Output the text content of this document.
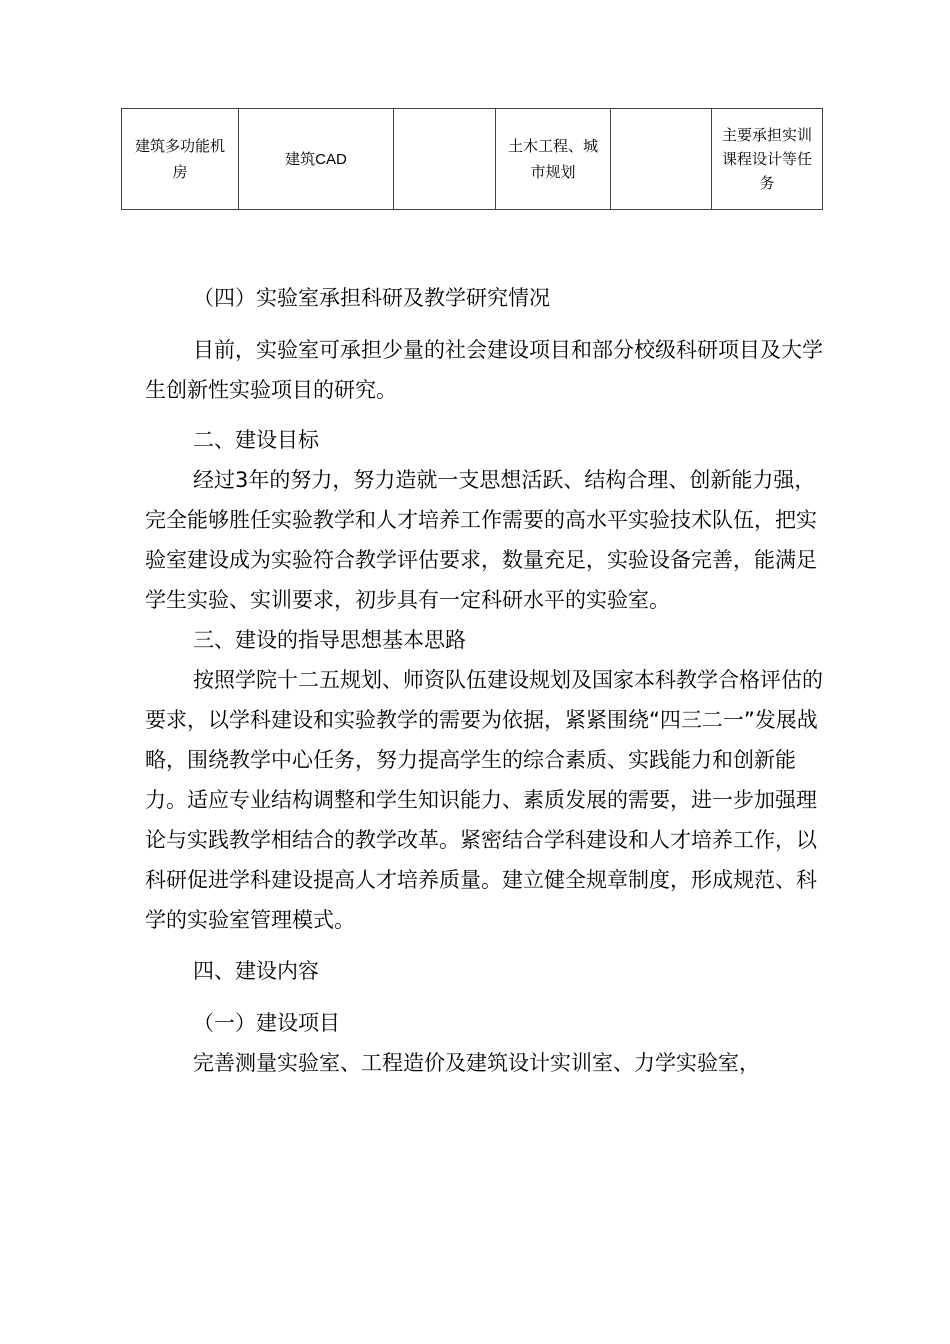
建筑多功能机房	建筑CAD		土木工程、城市规划		主要承担实训课程设计等任务

（四）实验室承担科研及教学研究情况

目前，实验室可承担少量的社会建设项目和部分校级科研项目及大学生创新性实验项目的研究。

二、建设目标

经过3年的努力，努力造就一支思想活跃、结构合理、创新能力强，完全能够胜任实验教学和人才培养工作需要的高水平实验技术队伍，把实验室建设成为实验符合教学评估要求，数量充足，实验设备完善，能满足学生实验、实训要求，初步具有一定科研水平的实验室。

三、建设的指导思想基本思路

按照学院十二五规划、师资队伍建设规划及国家本科教学合格评估的要求，以学科建设和实验教学的需要为依据，紧紧围绕“四三二一”发展战略，围绕教学中心任务，努力提高学生的综合素质、实践能力和创新能力。适应专业结构调整和学生知识能力、素质发展的需要，进一步加强理论与实践教学相结合的教学改革。紧密结合学科建设和人才培养工作，以科研促进学科建设提高人才培养质量。建立健全规章制度，形成规范、科学的实验室管理模式。

四、建设内容

（一）建设项目

完善测量实验室、工程造价及建筑设计实训室、力学实验室，
